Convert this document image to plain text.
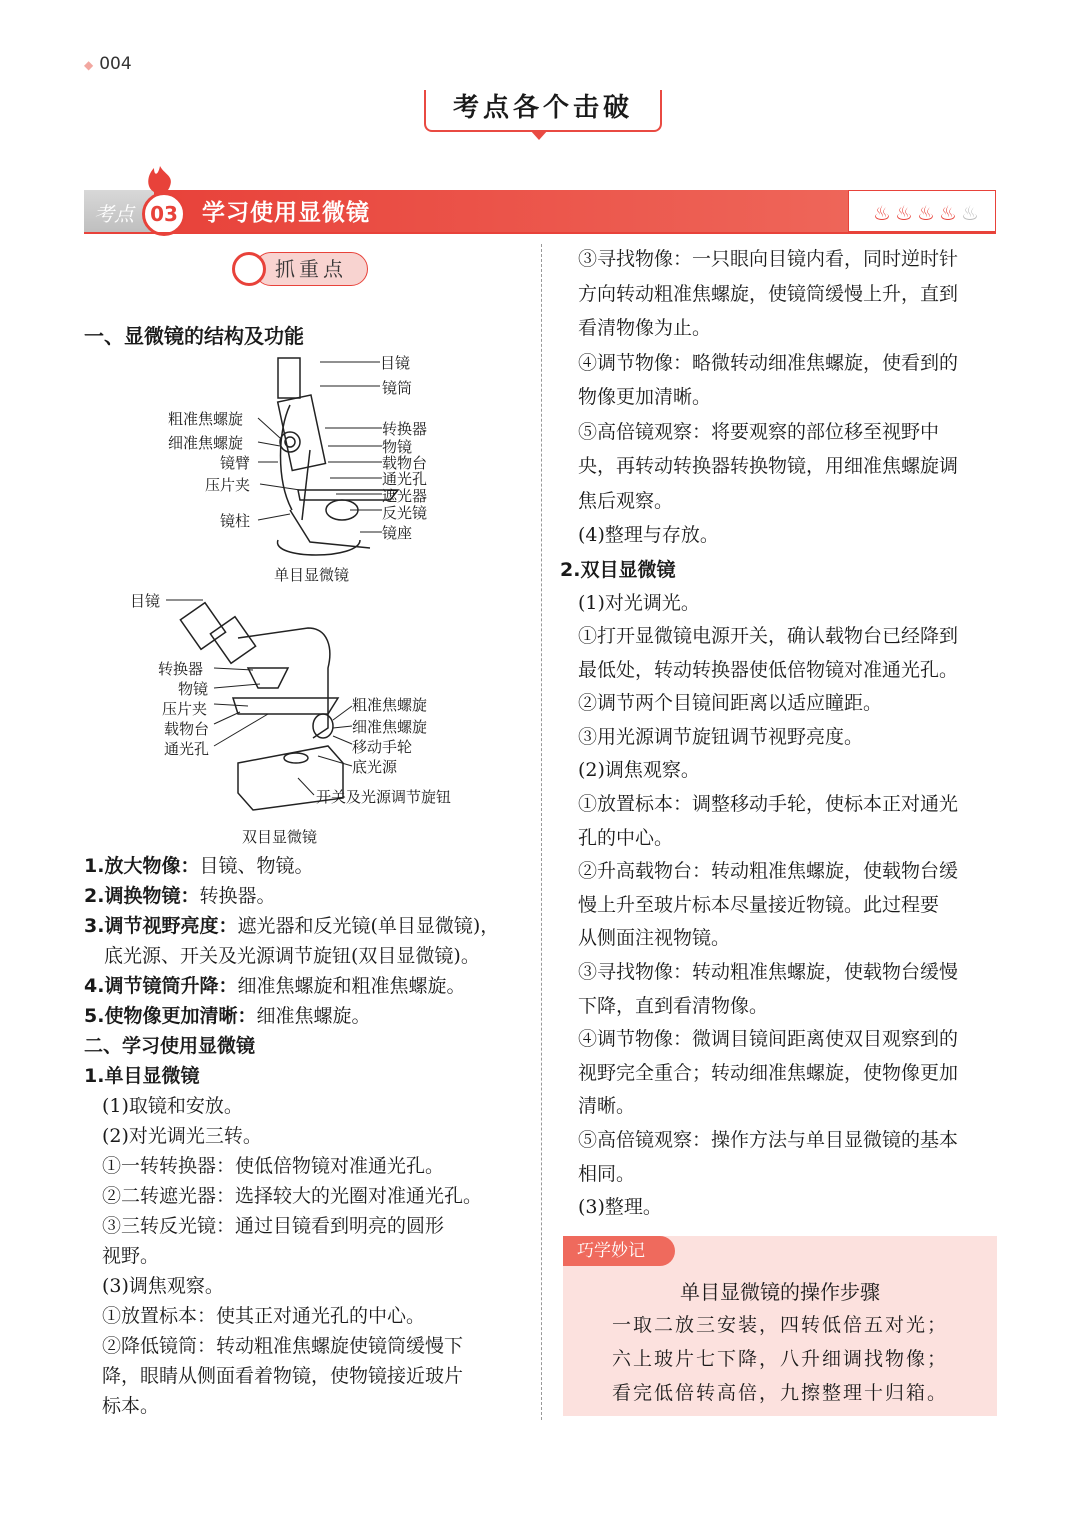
◆ 004
考点各个击破
考点 03	学习使用显微镜	♨ ♨ ♨ ♨ ♨
抓重点
一、显微镜的结构及功能
目镜
镜筒
转换器
物镜
载物台
通光孔
遮光器
反光镜
镜座
粗准焦螺旋
细准焦螺旋
镜臂
压片夹
镜柱
单目显微镜
目镜
转换器
物镜
压片夹
载物台
通光孔
粗准焦螺旋
细准焦螺旋
移动手轮
底光源
开关及光源调节旋钮
双目显微镜
1.放大物像：目镜、物镜。
2.调换物镜：转换器。
3.调节视野亮度：遮光器和反光镜(单目显微镜)，
底光源、开关及光源调节旋钮(双目显微镜)。
4.调节镜筒升降：细准焦螺旋和粗准焦螺旋。
5.使物像更加清晰：细准焦螺旋。
二、学习使用显微镜
1.单目显微镜
(1)取镜和安放。
(2)对光调光三转。
①一转转换器：使低倍物镜对准通光孔。
②二转遮光器：选择较大的光圈对准通光孔。
③三转反光镜：通过目镜看到明亮的圆形
视野。
(3)调焦观察。
①放置标本：使其正对通光孔的中心。
②降低镜筒：转动粗准焦螺旋使镜筒缓慢下
降，眼睛从侧面看着物镜，使物镜接近玻片
标本。
③寻找物像：一只眼向目镜内看，同时逆时针
方向转动粗准焦螺旋，使镜筒缓慢上升，直到
看清物像为止。
④调节物像：略微转动细准焦螺旋，使看到的
物像更加清晰。
⑤高倍镜观察：将要观察的部位移至视野中
央，再转动转换器转换物镜，用细准焦螺旋调
焦后观察。
(4)整理与存放。
2.双目显微镜
(1)对光调光。
①打开显微镜电源开关，确认载物台已经降到
最低处，转动转换器使低倍物镜对准通光孔。
②调节两个目镜间距离以适应瞳距。
③用光源调节旋钮调节视野亮度。
(2)调焦观察。
①放置标本：调整移动手轮，使标本正对通光
孔的中心。
②升高载物台：转动粗准焦螺旋，使载物台缓
慢上升至玻片标本尽量接近物镜。此过程要
从侧面注视物镜。
③寻找物像：转动粗准焦螺旋，使载物台缓慢
下降，直到看清物像。
④调节物像：微调目镜间距离使双目观察到的
视野完全重合；转动细准焦螺旋，使物像更加
清晰。
⑤高倍镜观察：操作方法与单目显微镜的基本
相同。
(3)整理。
巧学妙记
单目显微镜的操作步骤
一取二放三安装，四转低倍五对光；
六上玻片七下降，八升细调找物像；
看完低倍转高倍，九擦整理十归箱。
